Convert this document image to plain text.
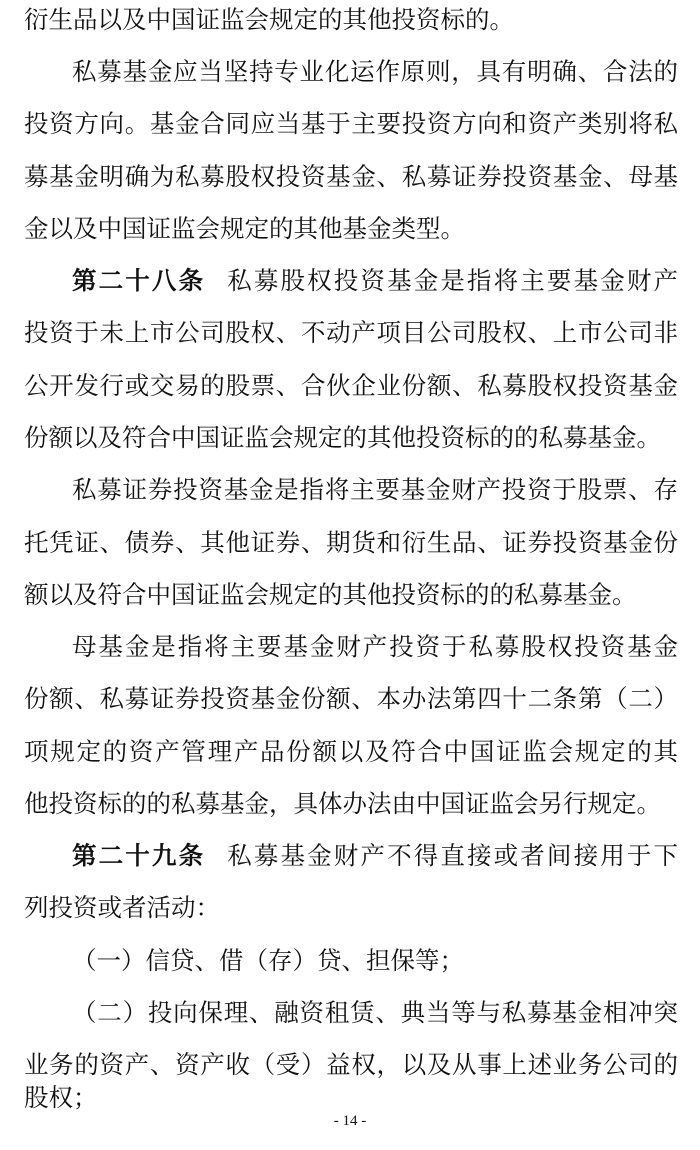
衍生品以及中国证监会规定的其他投资标的。
私募基金应当坚持专业化运作原则，具有明确、合法的
投资方向。基金合同应当基于主要投资方向和资产类别将私
募基金明确为私募股权投资基金、私募证券投资基金、母基
金以及中国证监会规定的其他基金类型。
第二十八条 私募股权投资基金是指将主要基金财产
投资于未上市公司股权、不动产项目公司股权、上市公司非
公开发行或交易的股票、合伙企业份额、私募股权投资基金
份额以及符合中国证监会规定的其他投资标的的私募基金。
私募证券投资基金是指将主要基金财产投资于股票、存
托凭证、债券、其他证券、期货和衍生品、证券投资基金份
额以及符合中国证监会规定的其他投资标的的私募基金。
母基金是指将主要基金财产投资于私募股权投资基金
份额、私募证券投资基金份额、本办法第四十二条第（二）
项规定的资产管理产品份额以及符合中国证监会规定的其
他投资标的的私募基金，具体办法由中国证监会另行规定。
第二十九条 私募基金财产不得直接或者间接用于下
列投资或者活动：
（一）信贷、借（存）贷、担保等；
（二）投向保理、融资租赁、典当等与私募基金相冲突
业务的资产、资产收（受）益权，以及从事上述业务公司的
股权；
- 14 -
